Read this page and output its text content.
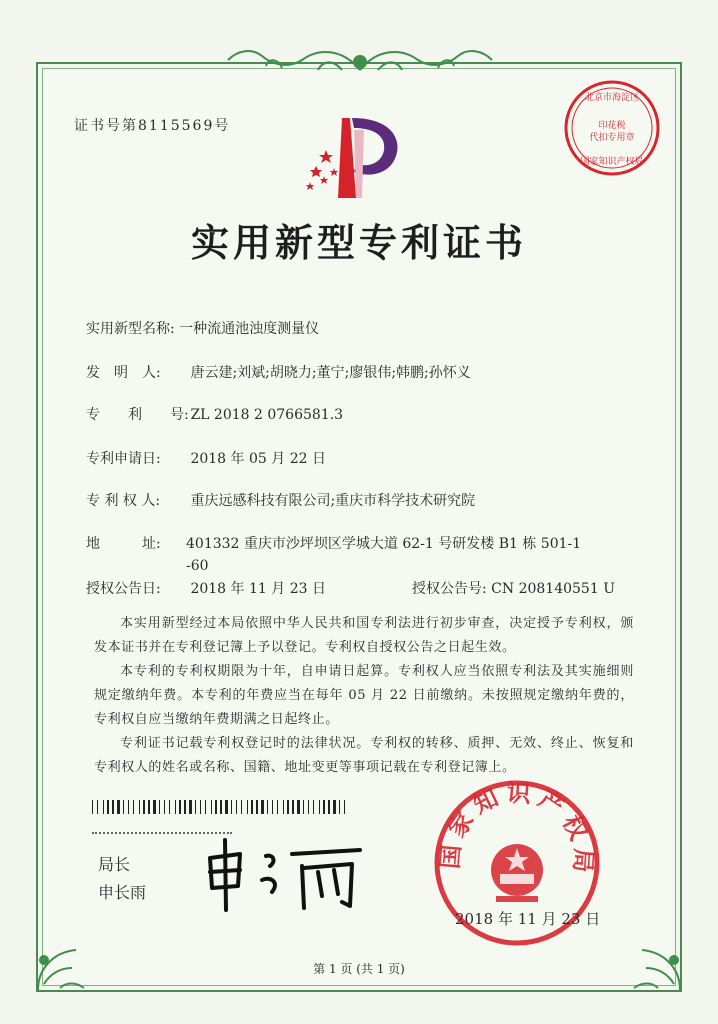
证书号第8115569号
北京市海淀区
印花税
代扣专用章
国家知识产权局
实用新型专利证书
实用新型名称: 一种流通池浊度测量仪
发　明　人: 唐云建;刘斌;胡晓力;董宁;廖银伟;韩鹏;孙怀义
专　　利　　号: ZL 2018 2 0766581.3
专利申请日: 2018 年 05 月 22 日
专 利 权 人: 重庆远感科技有限公司;重庆市科学技术研究院
地　　　址: 401332 重庆市沙坪坝区学城大道 62-1 号研发楼 B1 栋 501-1
-60
授权公告日: 2018 年 11 月 23 日	授权公告号: CN 208140551 U

本实用新型经过本局依照中华人民共和国专利法进行初步审查，决定授予专利权，颁发本证书并在专利登记簿上予以登记。专利权自授权公告之日起生效。

本专利的专利权期限为十年，自申请日起算。专利权人应当依照专利法及其实施细则规定缴纳年费。本专利的年费应当在每年 05 月 22 日前缴纳。未按照规定缴纳年费的，专利权自应当缴纳年费期满之日起终止。

专利证书记载专利权登记时的法律状况。专利权的转移、质押、无效、终止、恢复和专利权人的姓名或名称、国籍、地址变更等事项记载在专利登记簿上。

局长
申长雨
国家知识产权局
2018 年 11 月 23 日
第 1 页 (共 1 页)
